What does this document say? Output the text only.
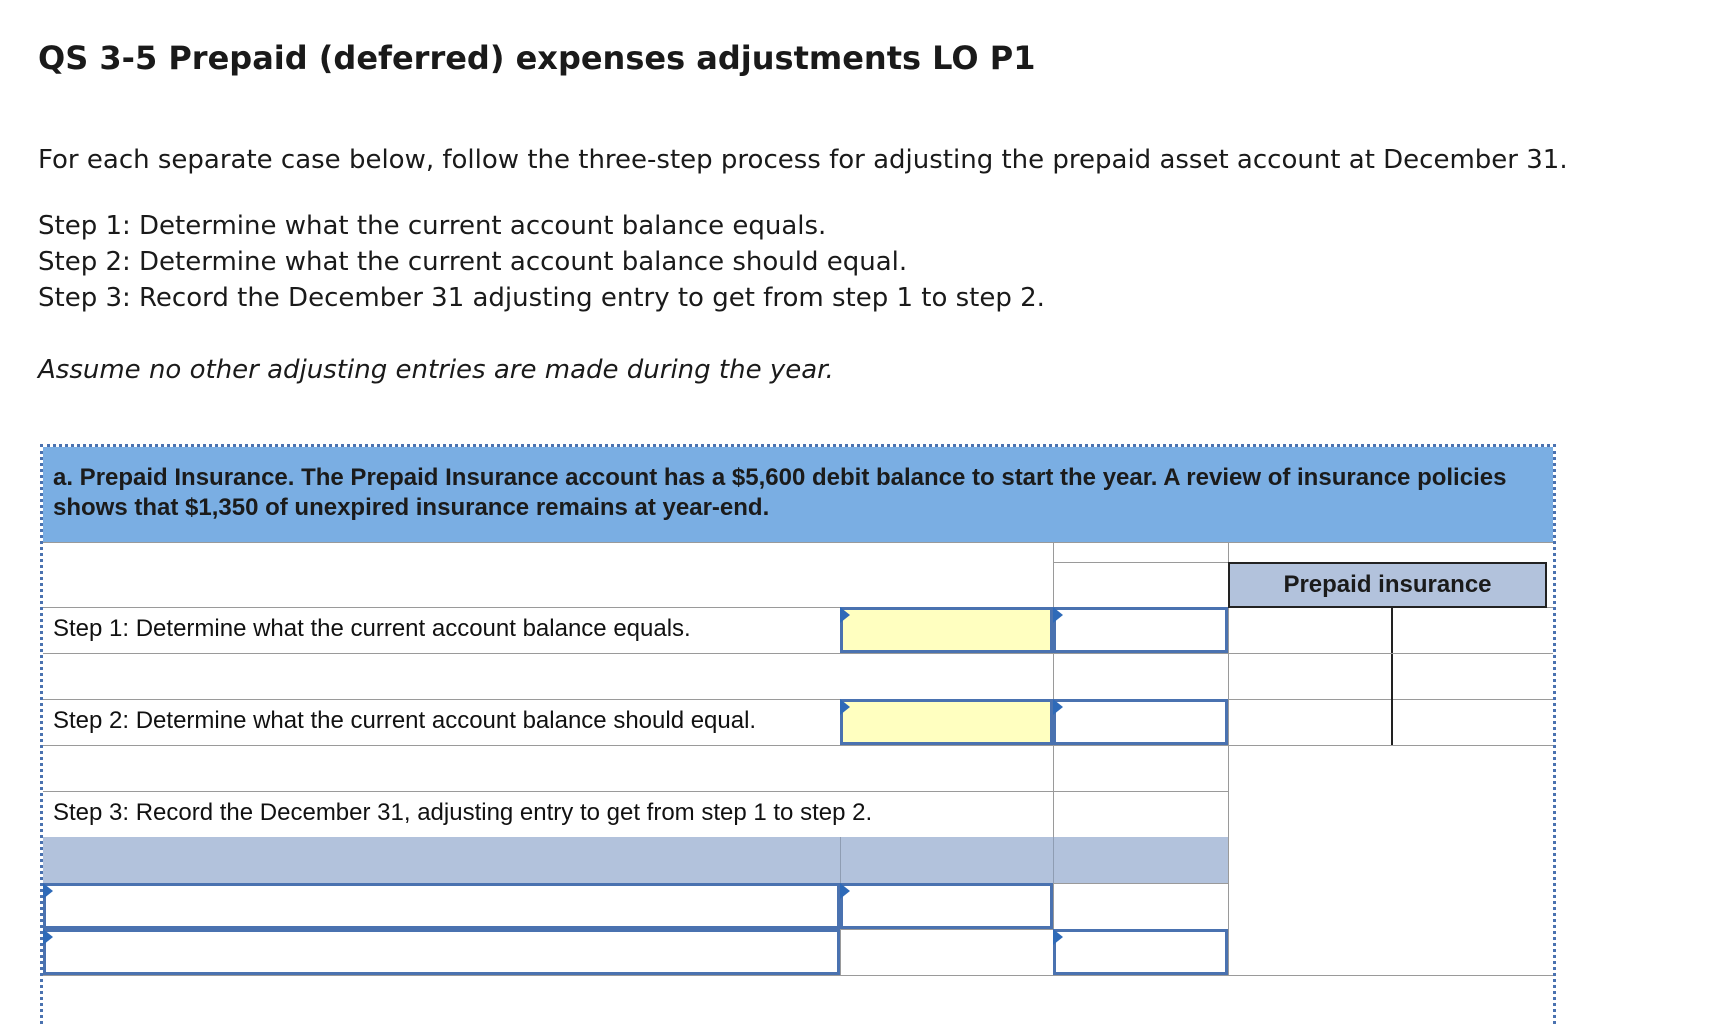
QS 3-5 Prepaid (deferred) expenses adjustments LO P1

For each separate case below, follow the three-step process for adjusting the prepaid asset account at December 31.

Step 1: Determine what the current account balance equals.

Step 2: Determine what the current account balance should equal.

Step 3: Record the December 31 adjusting entry to get from step 1 to step 2.

Assume no other adjusting entries are made during the year.

a. Prepaid Insurance. The Prepaid Insurance account has a $5,600 debit balance to start the year. A review of insurance policies shows that $1,350 of unexpired insurance remains at year-end.
Step 1: Determine what the current account balance equals.
Step 2: Determine what the current account balance should equal.
Step 3: Record the December 31, adjusting entry to get from step 1 to step 2.
Prepaid insurance
